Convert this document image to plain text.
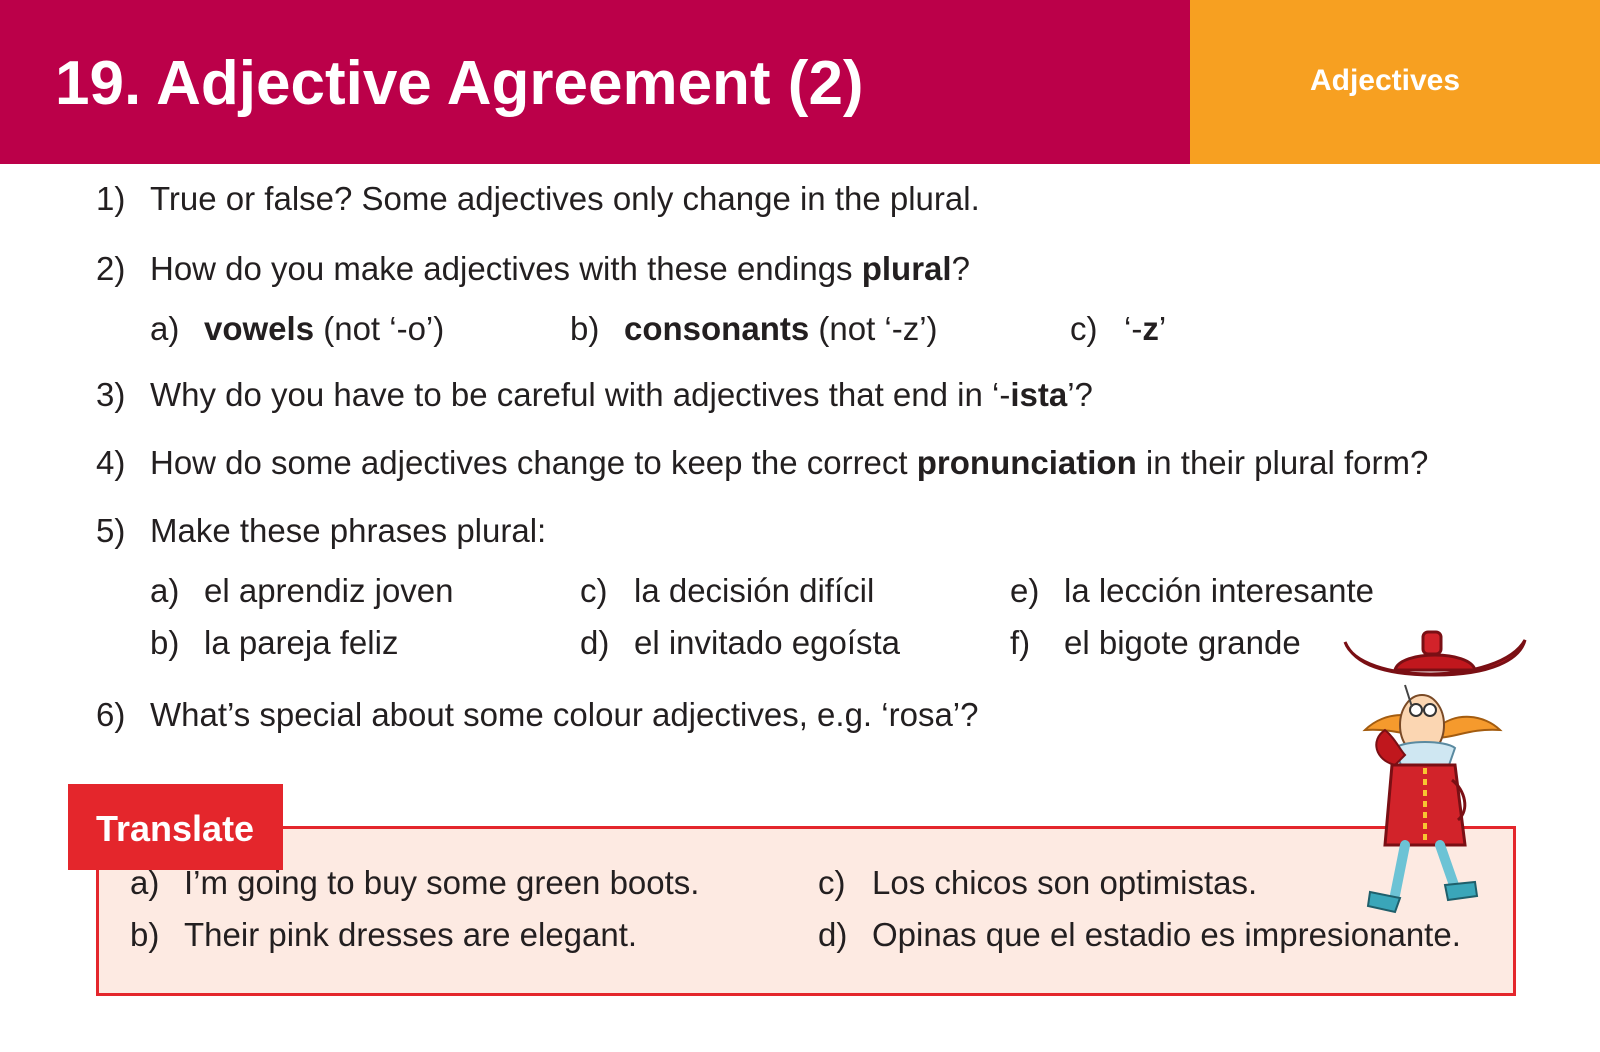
19. Adjective Agreement (2)	Adjectives
1) True or false? Some adjectives only change in the plural.
2) How do you make adjectives with these endings plural?
a) vowels (not ‘-o’)	b) consonants (not ‘-z’)	c) ‘-z’
3) Why do you have to be careful with adjectives that end in ‘-ista’?
4) How do some adjectives change to keep the correct pronunciation in their plural form?
5) Make these phrases plural:
a) el aprendiz joven
b) la pareja feliz
c) la decisión difícil
d) el invitado egoísta
e) la lección interesante
f) el bigote grande
6) What’s special about some colour adjectives, e.g. ‘rosa’?
Translate
a) I’m going to buy some green boots.
b) Their pink dresses are elegant.
c) Los chicos son optimistas.
d) Opinas que el estadio es impresionante.
